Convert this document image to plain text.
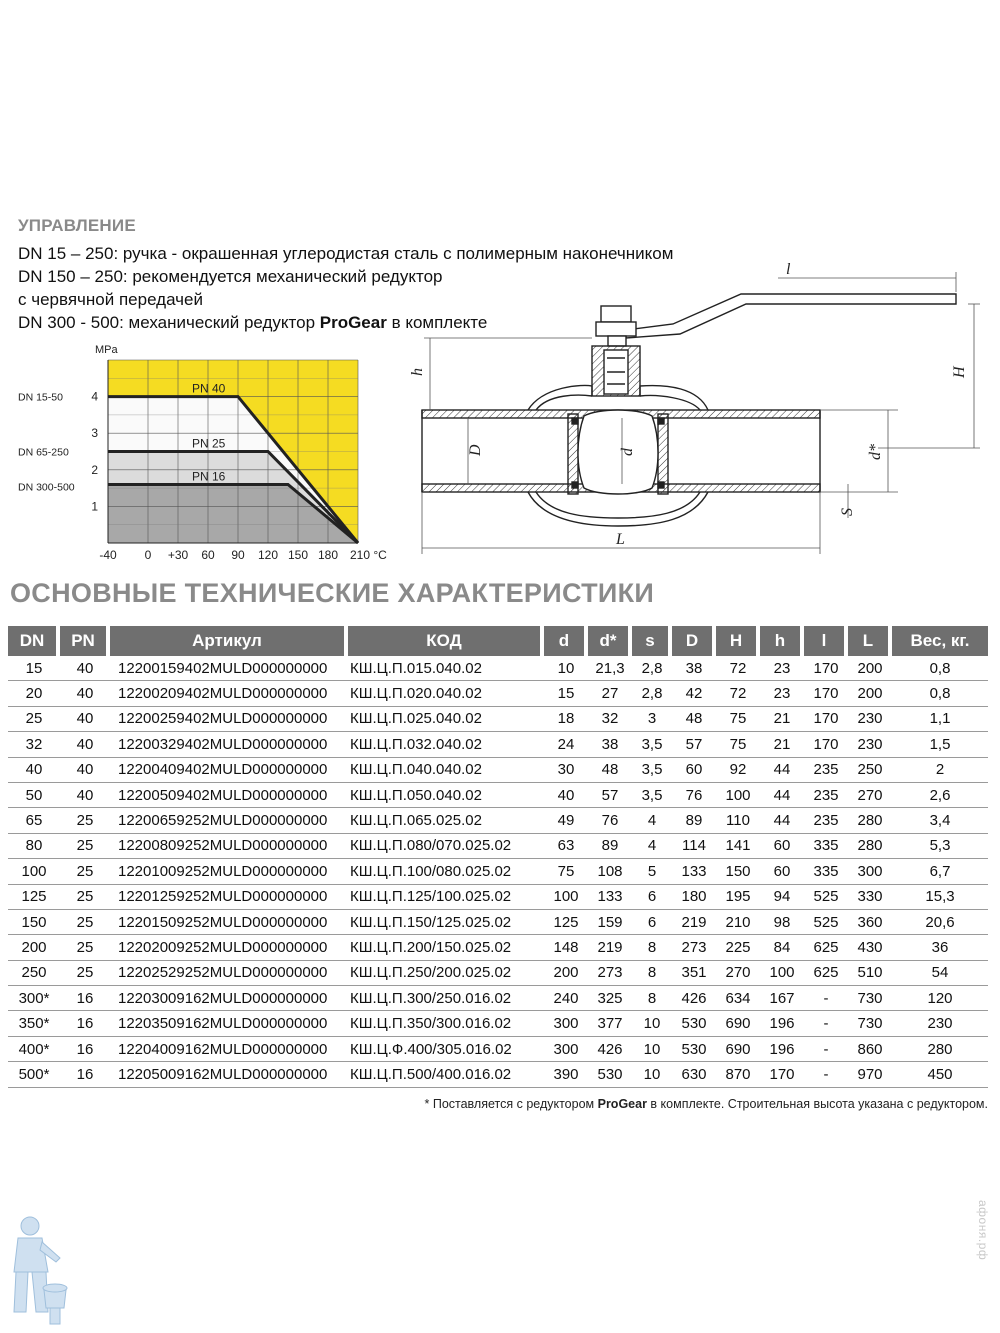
УПРАВЛЕНИЕ
DN 15 – 250: ручка - окрашенная углеродистая сталь с полимерным наконечником
DN 150 – 250: рекомендуется механический редуктор
с червячной передачей
DN 300 - 500: механический редуктор ProGear в комплекте
MPa
1
2
3
4
-40 0 +30 60 90 120 150 180 210 °C
PN 40
PN 25
PN 16
DN 15-50
DN 65-250
DN 300-500
l
H
h
D	d	d*
S
L
ОСНОВНЫЕ ТЕХНИЧЕСКИЕ ХАРАКТЕРИСТИКИ
DN	PN	Артикул	КОД	d	d*	s	D	H	h	l	L	Вес, кг.
15	40	12200159402MULD000000000	КШ.Ц.П.015.040.02	10	21,3	2,8	38	72	23	170	200	0,8
20	40	12200209402MULD000000000	КШ.Ц.П.020.040.02	15	27	2,8	42	72	23	170	200	0,8
25	40	12200259402MULD000000000	КШ.Ц.П.025.040.02	18	32	3	48	75	21	170	230	1,1
32	40	12200329402MULD000000000	КШ.Ц.П.032.040.02	24	38	3,5	57	75	21	170	230	1,5
40	40	12200409402MULD000000000	КШ.Ц.П.040.040.02	30	48	3,5	60	92	44	235	250	2
50	40	12200509402MULD000000000	КШ.Ц.П.050.040.02	40	57	3,5	76	100	44	235	270	2,6
65	25	12200659252MULD000000000	КШ.Ц.П.065.025.02	49	76	4	89	110	44	235	280	3,4
80	25	12200809252MULD000000000	КШ.Ц.П.080/070.025.02	63	89	4	114	141	60	335	280	5,3
100	25	12201009252MULD000000000	КШ.Ц.П.100/080.025.02	75	108	5	133	150	60	335	300	6,7
125	25	12201259252MULD000000000	КШ.Ц.П.125/100.025.02	100	133	6	180	195	94	525	330	15,3
150	25	12201509252MULD000000000	КШ.Ц.П.150/125.025.02	125	159	6	219	210	98	525	360	20,6
200	25	12202009252MULD000000000	КШ.Ц.П.200/150.025.02	148	219	8	273	225	84	625	430	36
250	25	12202529252MULD000000000	КШ.Ц.П.250/200.025.02	200	273	8	351	270	100	625	510	54
300*	16	12203009162MULD000000000	КШ.Ц.П.300/250.016.02	240	325	8	426	634	167	-	730	120
350*	16	12203509162MULD000000000	КШ.Ц.П.350/300.016.02	300	377	10	530	690	196	-	730	230
400*	16	12204009162MULD000000000	КШ.Ц.Ф.400/305.016.02	300	426	10	530	690	196	-	860	280
500*	16	12205009162MULD000000000	КШ.Ц.П.500/400.016.02	390	530	10	630	870	170	-	970	450
* Поставляется с редуктором ProGear в комплекте. Строительная высота указана с редуктором.
афоня.рф
